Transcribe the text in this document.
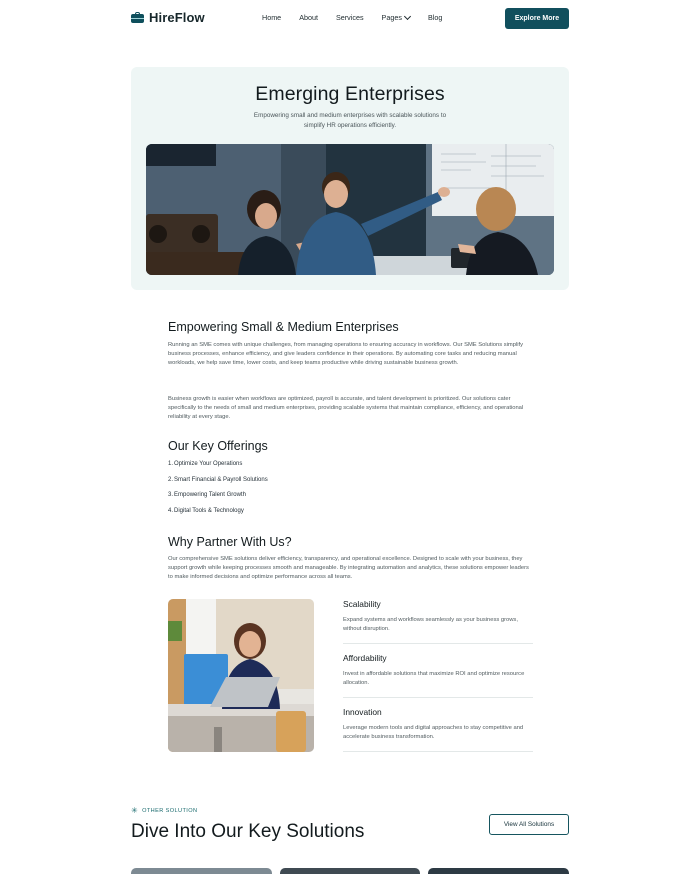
HireFlow	Home	About	Services	Pages	Blog	Explore More
Emerging Enterprises
Empowering small and medium enterprises with scalable solutions to simplify HR operations efficiently.
Empowering Small & Medium Enterprises
Running an SME comes with unique challenges, from managing operations to ensuring accuracy in workflows. Our SME Solutions simplify business processes, enhance efficiency, and give leaders confidence in their operations. By automating core tasks and reducing manual workloads, we help save time, lower costs, and keep teams productive while driving sustainable business growth.
Business growth is easier when workflows are optimized, payroll is accurate, and talent development is prioritized. Our solutions cater specifically to the needs of small and medium enterprises, providing scalable systems that maintain compliance, efficiency, and operational reliability at every stage.
Our Key Offerings
1. Optimize Your Operations
2. Smart Financial & Payroll Solutions
3. Empowering Talent Growth
4. Digital Tools & Technology
Why Partner With Us?
Our comprehensive SME solutions deliver efficiency, transparency, and operational excellence. Designed to scale with your business, they support growth while keeping processes smooth and manageable. By integrating automation and analytics, these solutions empower leaders to make informed decisions and optimize performance across all teams.
Scalability
Expand systems and workflows seamlessly as your business grows, without disruption.
Affordability
Invest in affordable solutions that maximize ROI and optimize resource allocation.
Innovation
Leverage modern tools and digital approaches to stay competitive and accelerate business transformation.
✳ OTHER SOLUTION
Dive Into Our Key Solutions	View All Solutions
